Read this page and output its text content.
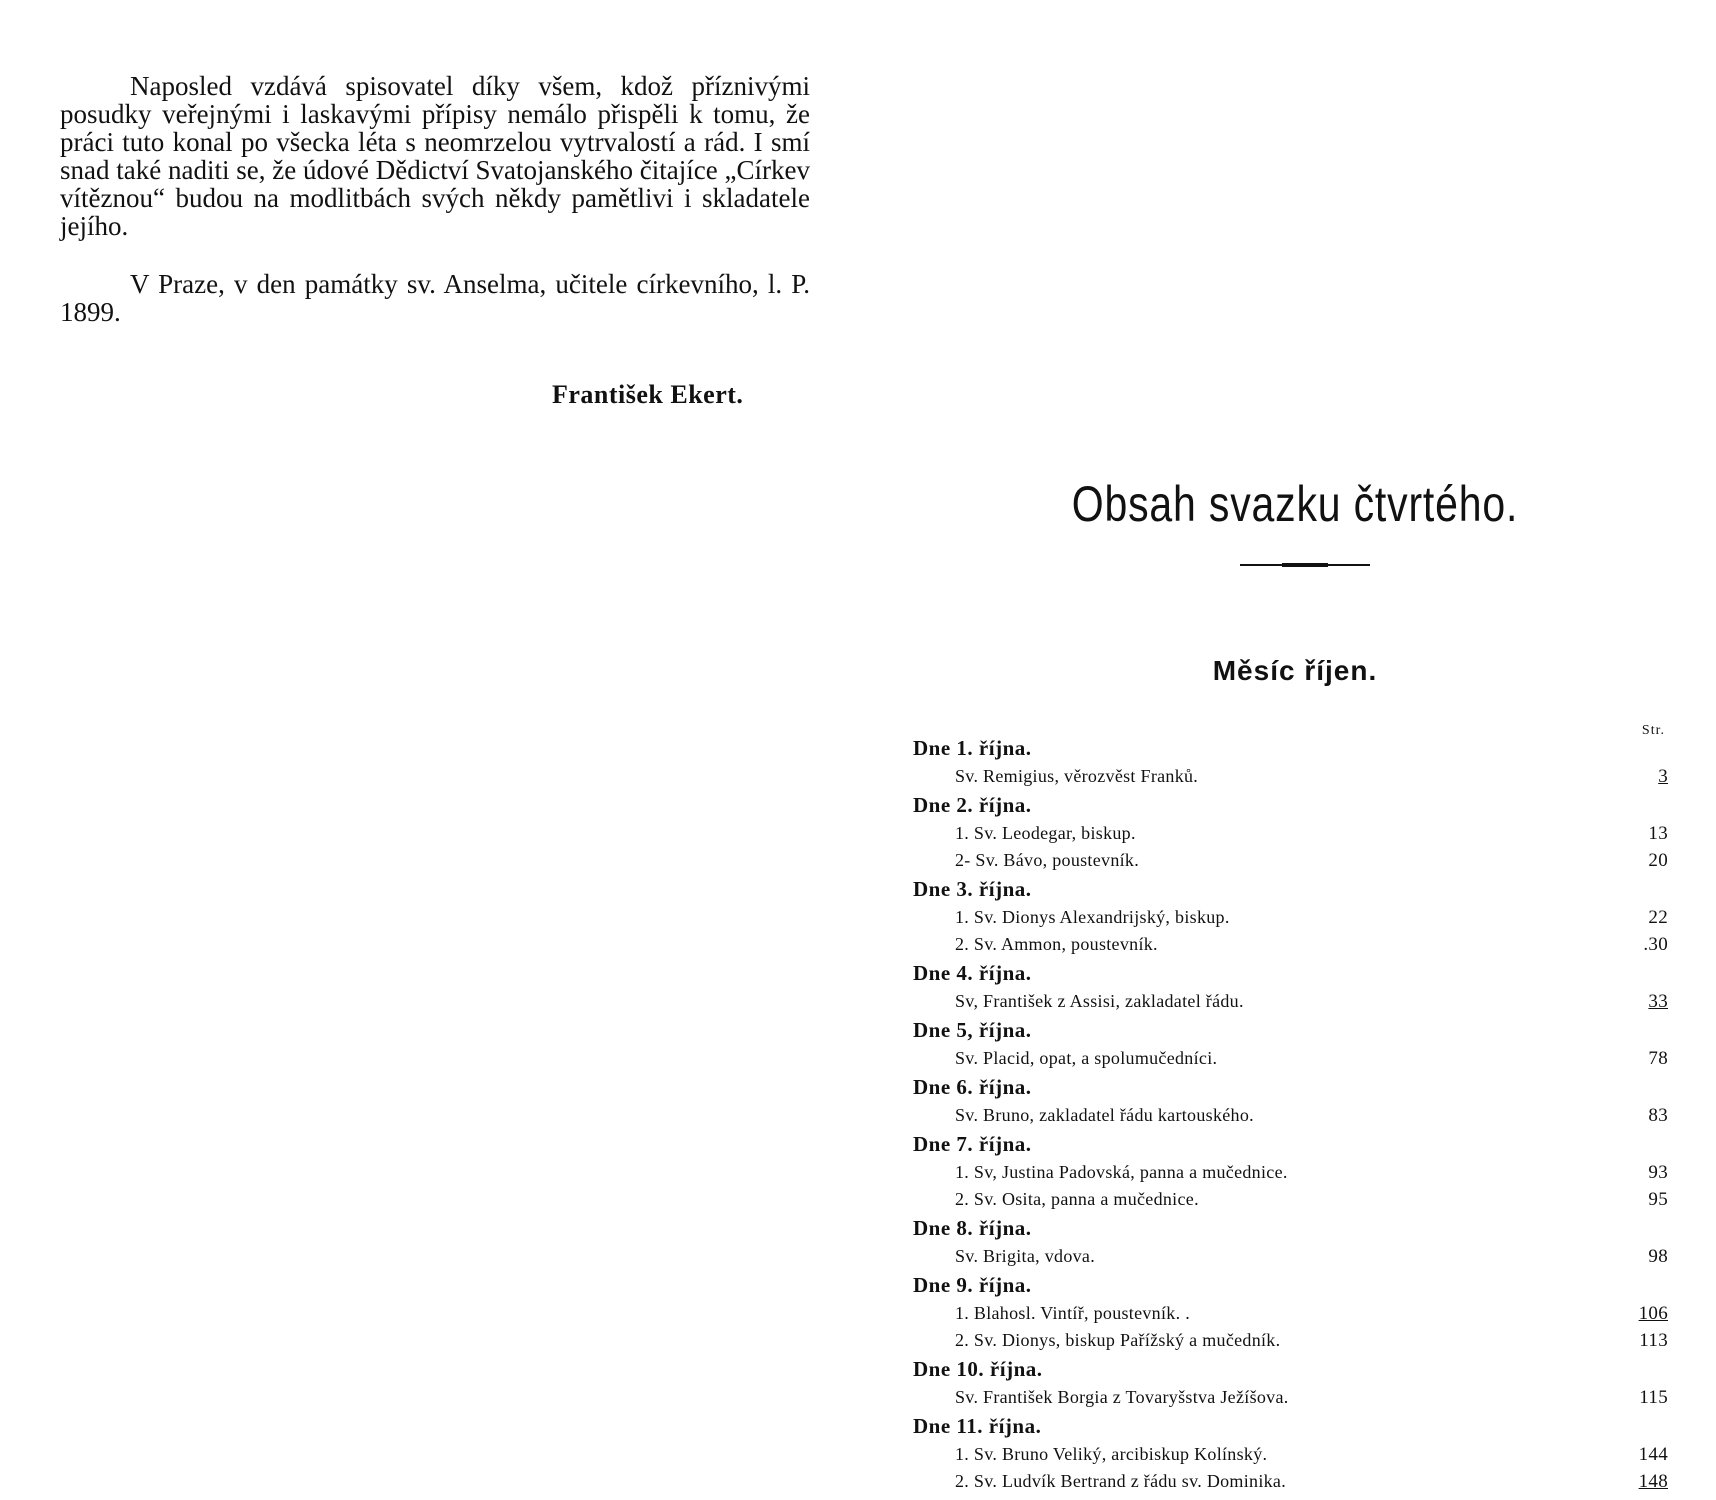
Naposled vzdává spisovatel díky všem, kdož příznivými posudky veřejnými i laskavými přípisy nemálo přispěli k tomu, že práci tuto konal po všecka léta s neomrzelou vytrvalostí a rád. I smí snad také naditi se, že údové Dědictví Svatojanského čitajíce „Církev vítěznou“ budou na modlitbách svých někdy pamětlivi i skladatele jejího.

V Praze, v den památky sv. Anselma, učitele církevního, l. P. 1899.

František Ekert.
Obsah svazku čtvrtého.
Měsíc říjen.
Str.
Dne 1. října.
Sv. Remigius, věrozvěst Franků.	3
Dne 2. října.
1. Sv. Leodegar, biskup.	13
2- Sv. Bávo, poustevník.	20
Dne 3. října.
1. Sv. Dionys Alexandrijský, biskup.	22
2. Sv. Ammon, poustevník.	.30
Dne 4. října.
Sv, František z Assisi, zakladatel řádu.	33
Dne 5, října.
Sv. Placid, opat, a spolumučedníci.	78
Dne 6. října.
Sv. Bruno, zakladatel řádu kartouského.	83
Dne 7. října.
1. Sv, Justina Padovská, panna a mučednice.	93
2. Sv. Osita, panna a mučednice.	95
Dne 8. října.
Sv. Brigita, vdova.	98
Dne 9. října.
1. Blahosl. Vintíř, poustevník. .	106
2. Sv. Dionys, biskup Pařížský a mučedník.	113
Dne 10. října.
Sv. František Borgia z Tovaryšstva Ježíšova.	115
Dne 11. října.
1. Sv. Bruno Veliký, arcibiskup Kolínský.	144
2. Sv. Ludvík Bertrand z řádu sv. Dominika.	148
